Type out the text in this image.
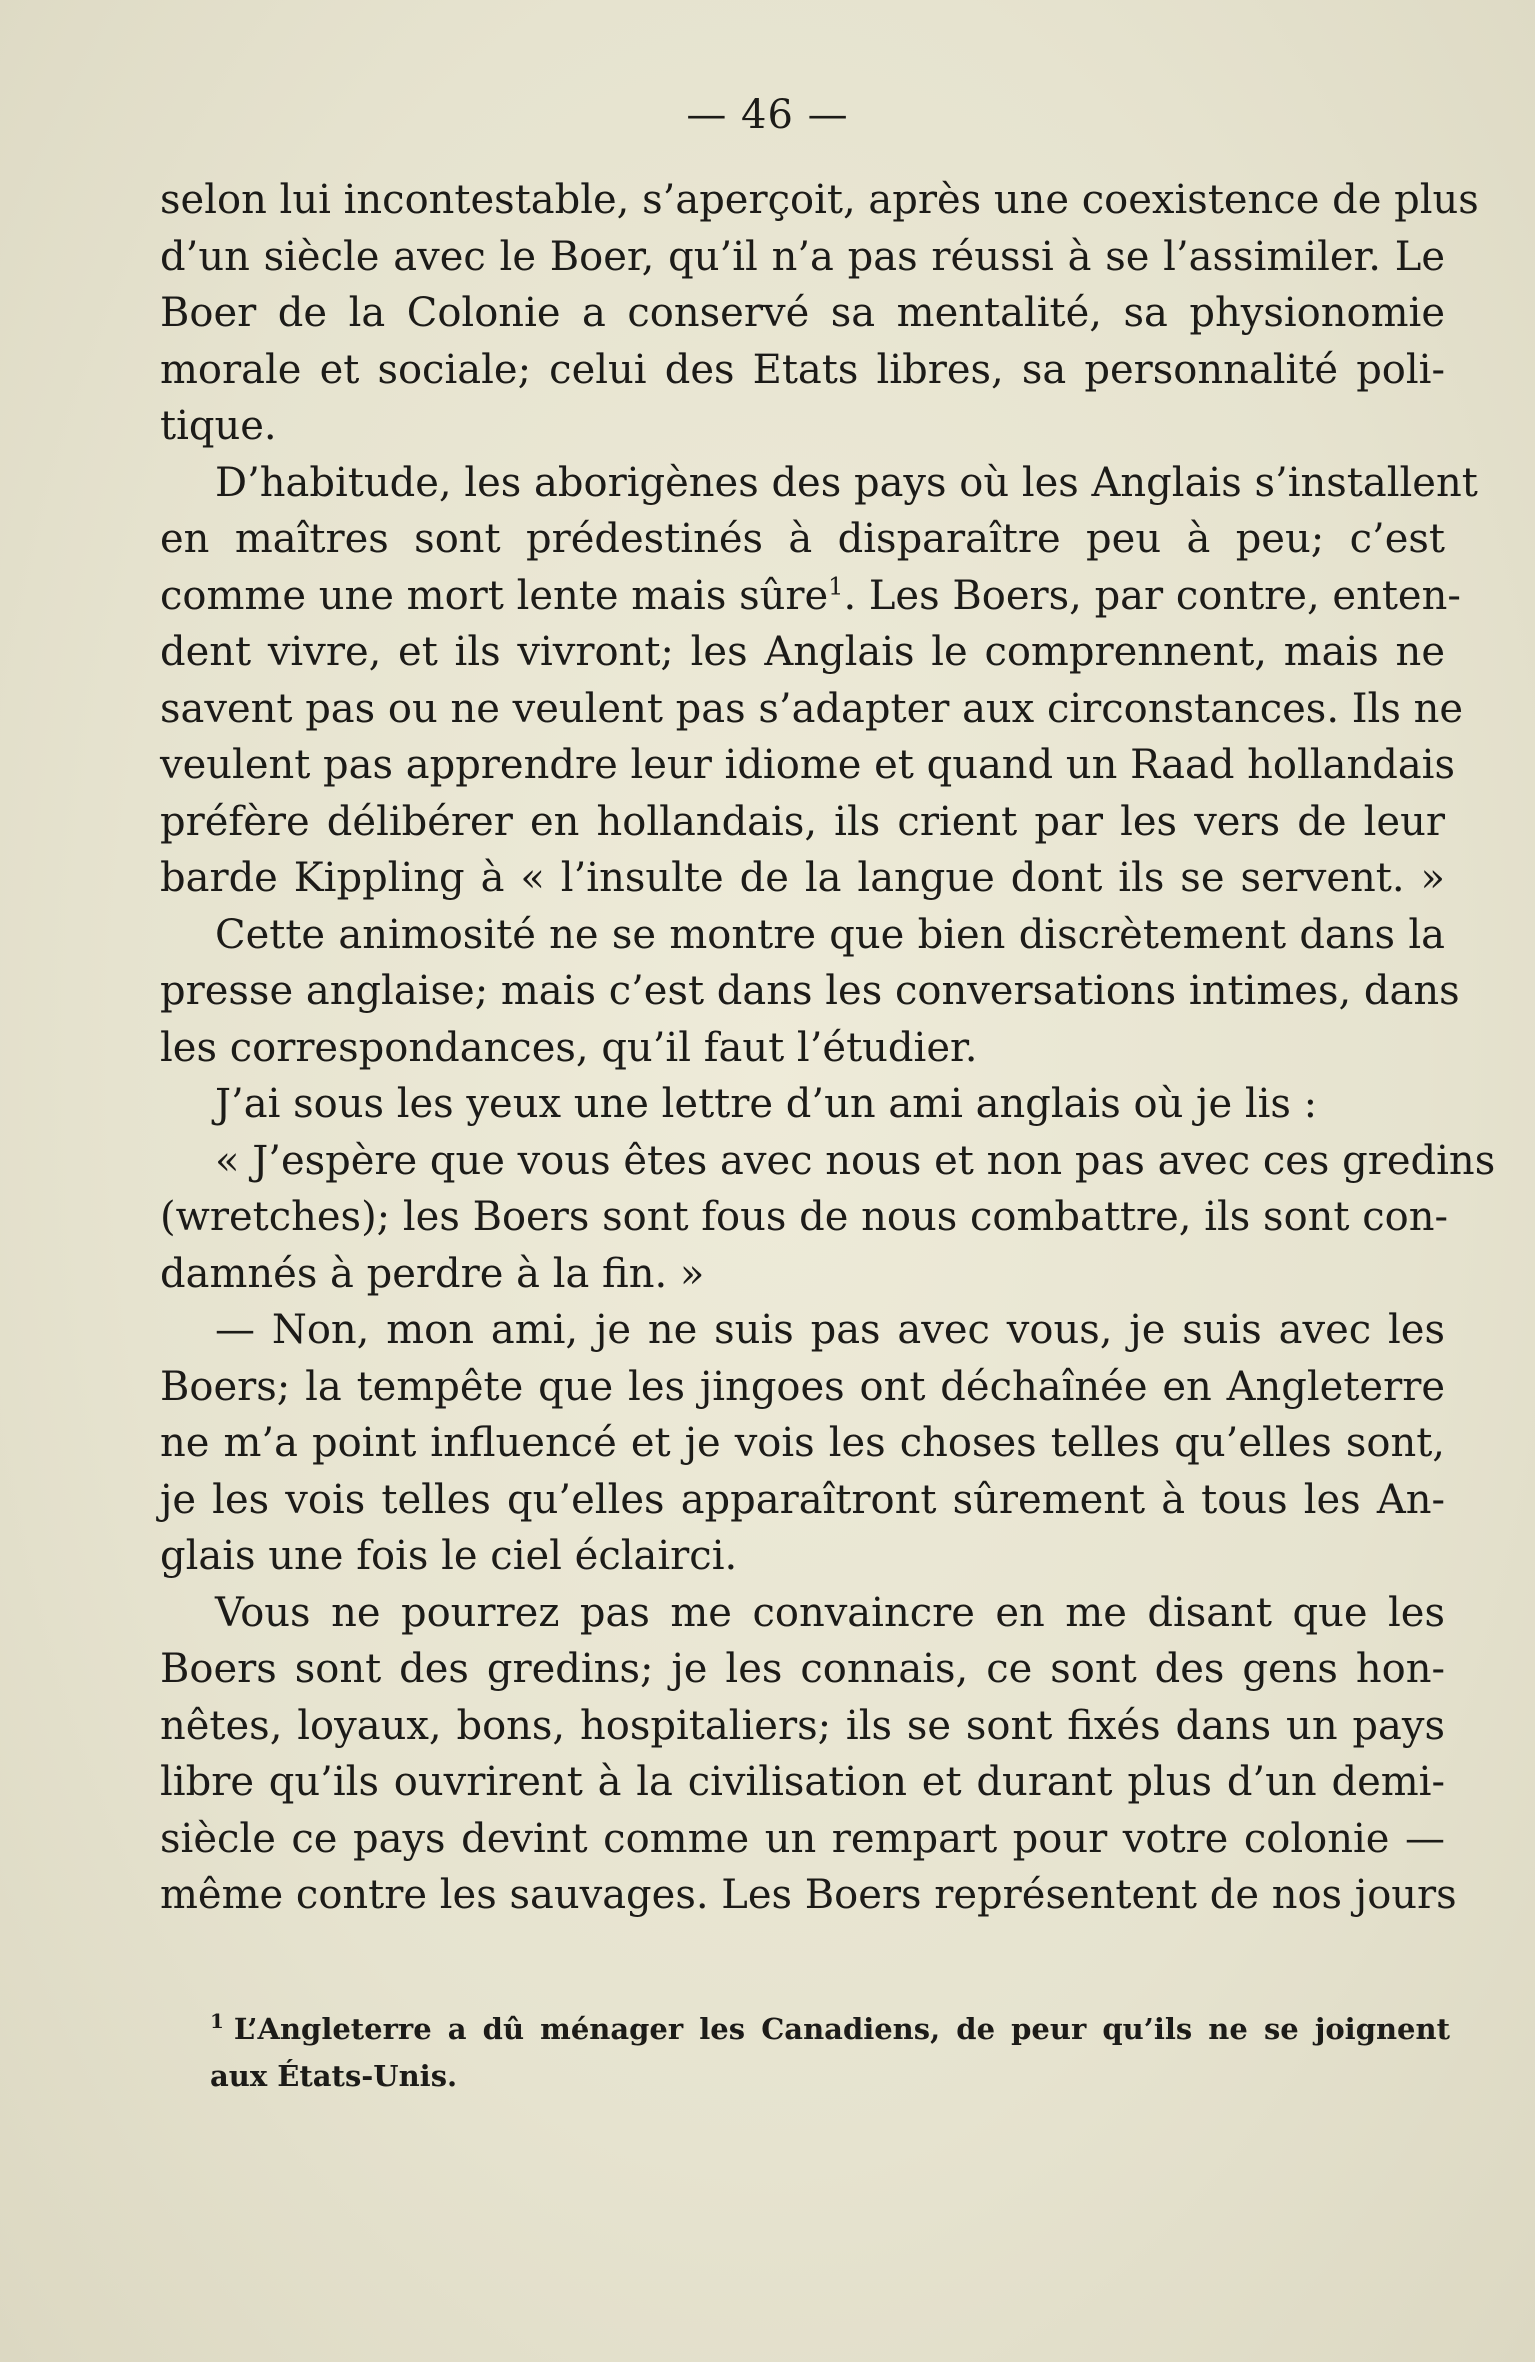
— 46 —
selon lui incontestable, s’aperçoit, après une coexistence de plus
d’un siècle avec le Boer, qu’il n’a pas réussi à se l’assimiler. Le
Boer de la Colonie a conservé sa mentalité, sa physionomie
morale et sociale; celui des Etats libres, sa personnalité poli-
tique.
D’habitude, les aborigènes des pays où les Anglais s’installent
en maîtres sont prédestinés à disparaître peu à peu; c’est
comme une mort lente mais sûre$^1$. Les Boers, par contre, enten-
dent vivre, et ils vivront; les Anglais le comprennent, mais ne
savent pas ou ne veulent pas s’adapter aux circonstances. Ils ne
veulent pas apprendre leur idiome et quand un Raad hollandais
préfère délibérer en hollandais, ils crient par les vers de leur
barde Kippling à « l’insulte de la langue dont ils se servent. »
Cette animosité ne se montre que bien discrètement dans la
presse anglaise; mais c’est dans les conversations intimes, dans
les correspondances, qu’il faut l’étudier.
J’ai sous les yeux une lettre d’un ami anglais où je lis :
« J’espère que vous êtes avec nous et non pas avec ces gredins
(wretches); les Boers sont fous de nous combattre, ils sont con-
damnés à perdre à la fin. »
— Non, mon ami, je ne suis pas avec vous, je suis avec les
Boers; la tempête que les jingoes ont déchaînée en Angleterre
ne m’a point influencé et je vois les choses telles qu’elles sont,
je les vois telles qu’elles apparaîtront sûrement à tous les An-
glais une fois le ciel éclairci.
Vous ne pourrez pas me convaincre en me disant que les
Boers sont des gredins; je les connais, ce sont des gens hon-
nêtes, loyaux, bons, hospitaliers; ils se sont fixés dans un pays
libre qu’ils ouvrirent à la civilisation et durant plus d’un demi-
siècle ce pays devint comme un rempart pour votre colonie —
même contre les sauvages. Les Boers représentent de nos jours
$^1$ L’Angleterre a dû ménager les Canadiens, de peur qu’ils ne se joignent
aux États-Unis.
